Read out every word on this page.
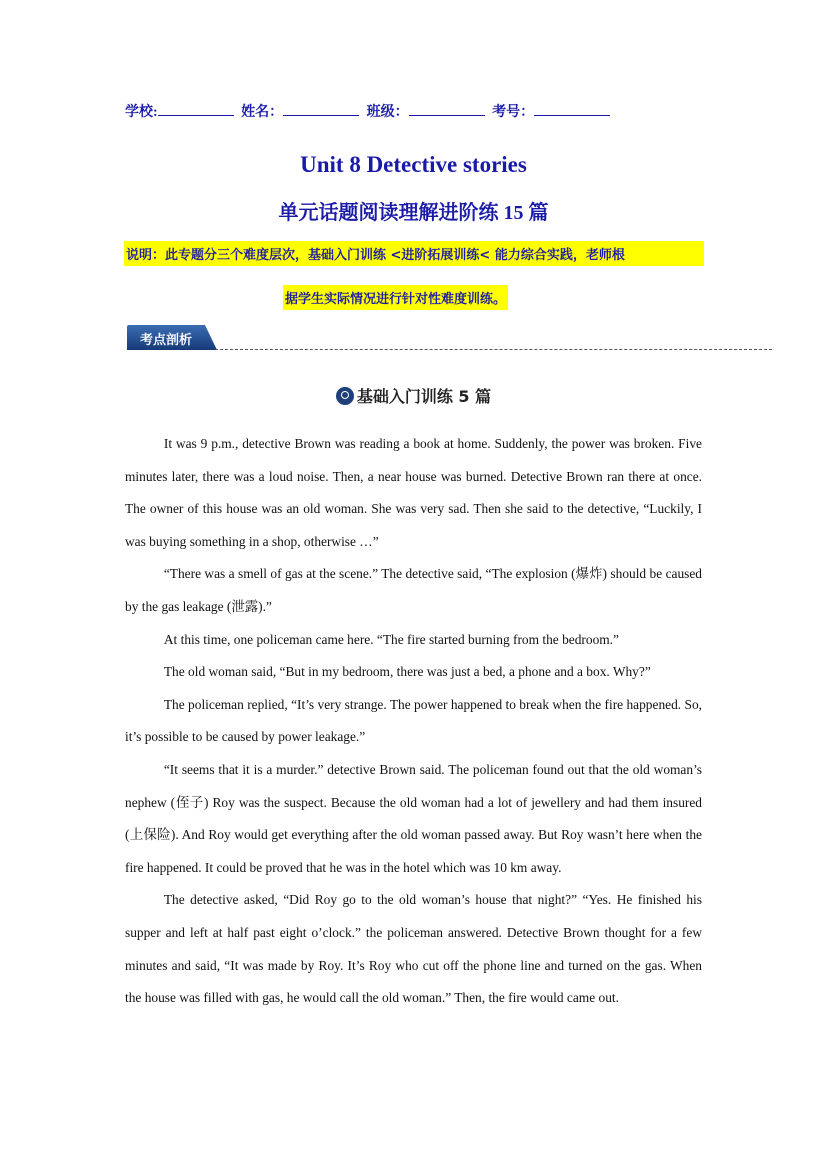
学校:	姓名：	班级：	考号：
Unit 8 Detective stories
单元话题阅读理解进阶练 15 篇
说明：此专题分三个难度层次，基础入门训练 <进阶拓展训练< 能力综合实践，老师根
据学生实际情况进行针对性难度训练。
考点剖析
基础入门训练 5 篇

It was 9 p.m., detective Brown was reading a book at home. Suddenly, the power was broken. Five minutes later, there was a loud noise. Then, a near house was burned. Detective Brown ran there at once. The owner of this house was an old woman. She was very sad. Then she said to the detective, “Luckily, I was buying something in a shop, otherwise …”

“There was a smell of gas at the scene.” The detective said, “The explosion (爆炸) should be caused by the gas leakage (泄露).”

At this time, one policeman came here. “The fire started burning from the bedroom.”

The old woman said, “But in my bedroom, there was just a bed, a phone and a box. Why?”

The policeman replied, “It’s very strange. The power happened to break when the fire happened. So, it’s possible to be caused by power leakage.”

“It seems that it is a murder.” detective Brown said. The policeman found out that the old woman’s nephew (侄子) Roy was the suspect. Because the old woman had a lot of jewellery and had them insured (上保险). And Roy would get everything after the old woman passed away. But Roy wasn’t here when the fire happened. It could be proved that he was in the hotel which was 10 km away.

The detective asked, “Did Roy go to the old woman’s house that night?” “Yes. He finished his supper and left at half past eight o’clock.” the policeman answered. Detective Brown thought for a few minutes and said, “It was made by Roy. It’s Roy who cut off the phone line and turned on the gas. When the house was filled with gas, he would call the old woman.” Then, the fire would came out.
